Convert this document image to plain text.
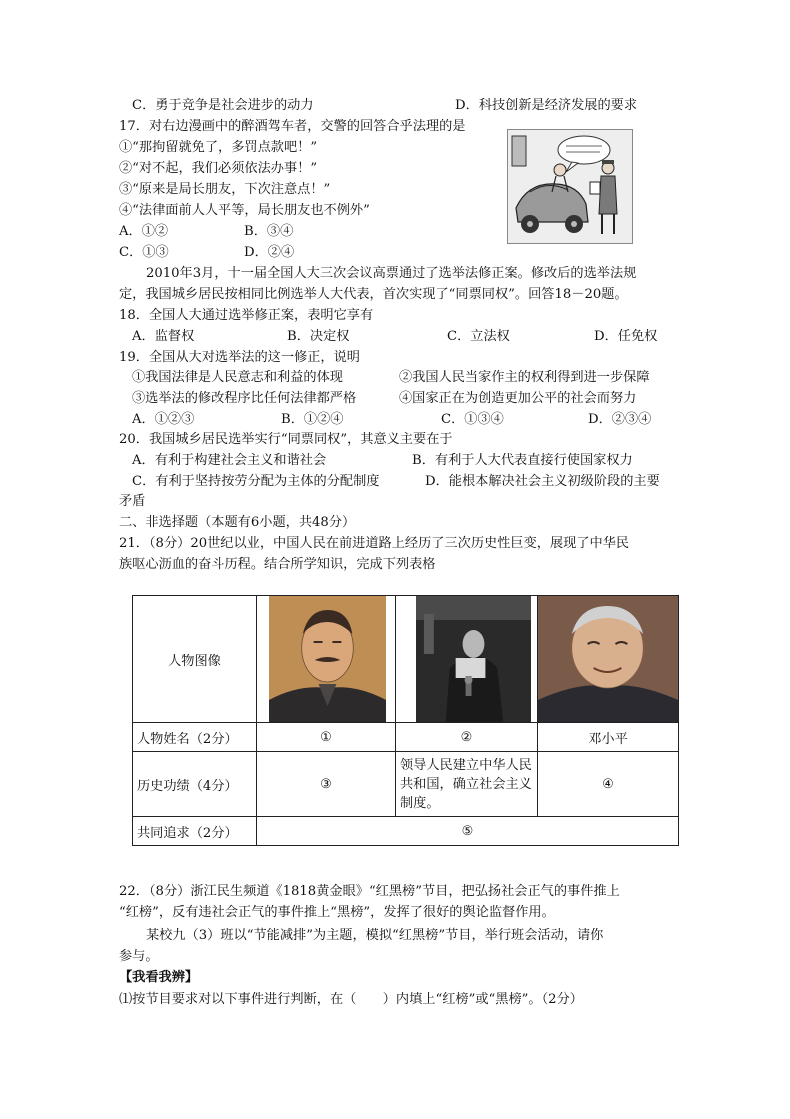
C．勇于竞争是社会进步的动力	D．科技创新是经济发展的要求
17．对右边漫画中的醉酒驾车者，交警的回答合乎法理的是
①“那拘留就免了，多罚点款吧！”
②“对不起，我们必须依法办事！”
③“原来是局长朋友，下次注意点！”
④“法律面前人人平等，局长朋友也不例外”
A．①②	B．③④
C．①③	D．②④
2010年3月，十一届全国人大三次会议高票通过了选举法修正案。修改后的选举法规
定，我国城乡居民按相同比例选举人大代表，首次实现了“同票同权”。回答18－20题。
18．全国人大通过选举修正案，表明它享有
A．监督权	B．决定权	C．立法权	D．任免权
19．全国从大对选举法的这一修正，说明
①我国法律是人民意志和利益的体现	②我国人民当家作主的权利得到进一步保障
③选举法的修改程序比任何法律都严格	④国家正在为创造更加公平的社会而努力
A．①②③	B．①②④	C．①③④	D．②③④
20．我国城乡居民选举实行“同票同权”，其意义主要在于
A．有利于构建社会主义和谐社会	B．有利于人大代表直接行使国家权力
C．有利于坚持按劳分配为主体的分配制度	D．能根本解决社会主义初级阶段的主要
矛盾
二、非选择题（本题有6小题，共48分）
21．（8分）20世纪以业，中国人民在前进道路上经历了三次历史性巨变，展现了中华民
族呕心沥血的奋斗历程。结合所学知识，完成下列表格
人物图像	

人物姓名（2分）	①	②	邓小平
历史功绩（4分）	③	领导人民建立中华人民共和国，确立社会主义制度。	④
共同追求（2分）	⑤		
22．（8分）浙江民生频道《1818黄金眼》“红黑榜”节目，把弘扬社会正气的事件推上
“红榜”，反有违社会正气的事件推上“黑榜”，发挥了很好的舆论监督作用。
某校九（3）班以“节能减排”为主题，模拟“红黑榜”节目，举行班会活动，请你
参与。
【我看我辨】
⑴按节目要求对以下事件进行判断，在（　　）内填上“红榜”或“黑榜”。（2分）
